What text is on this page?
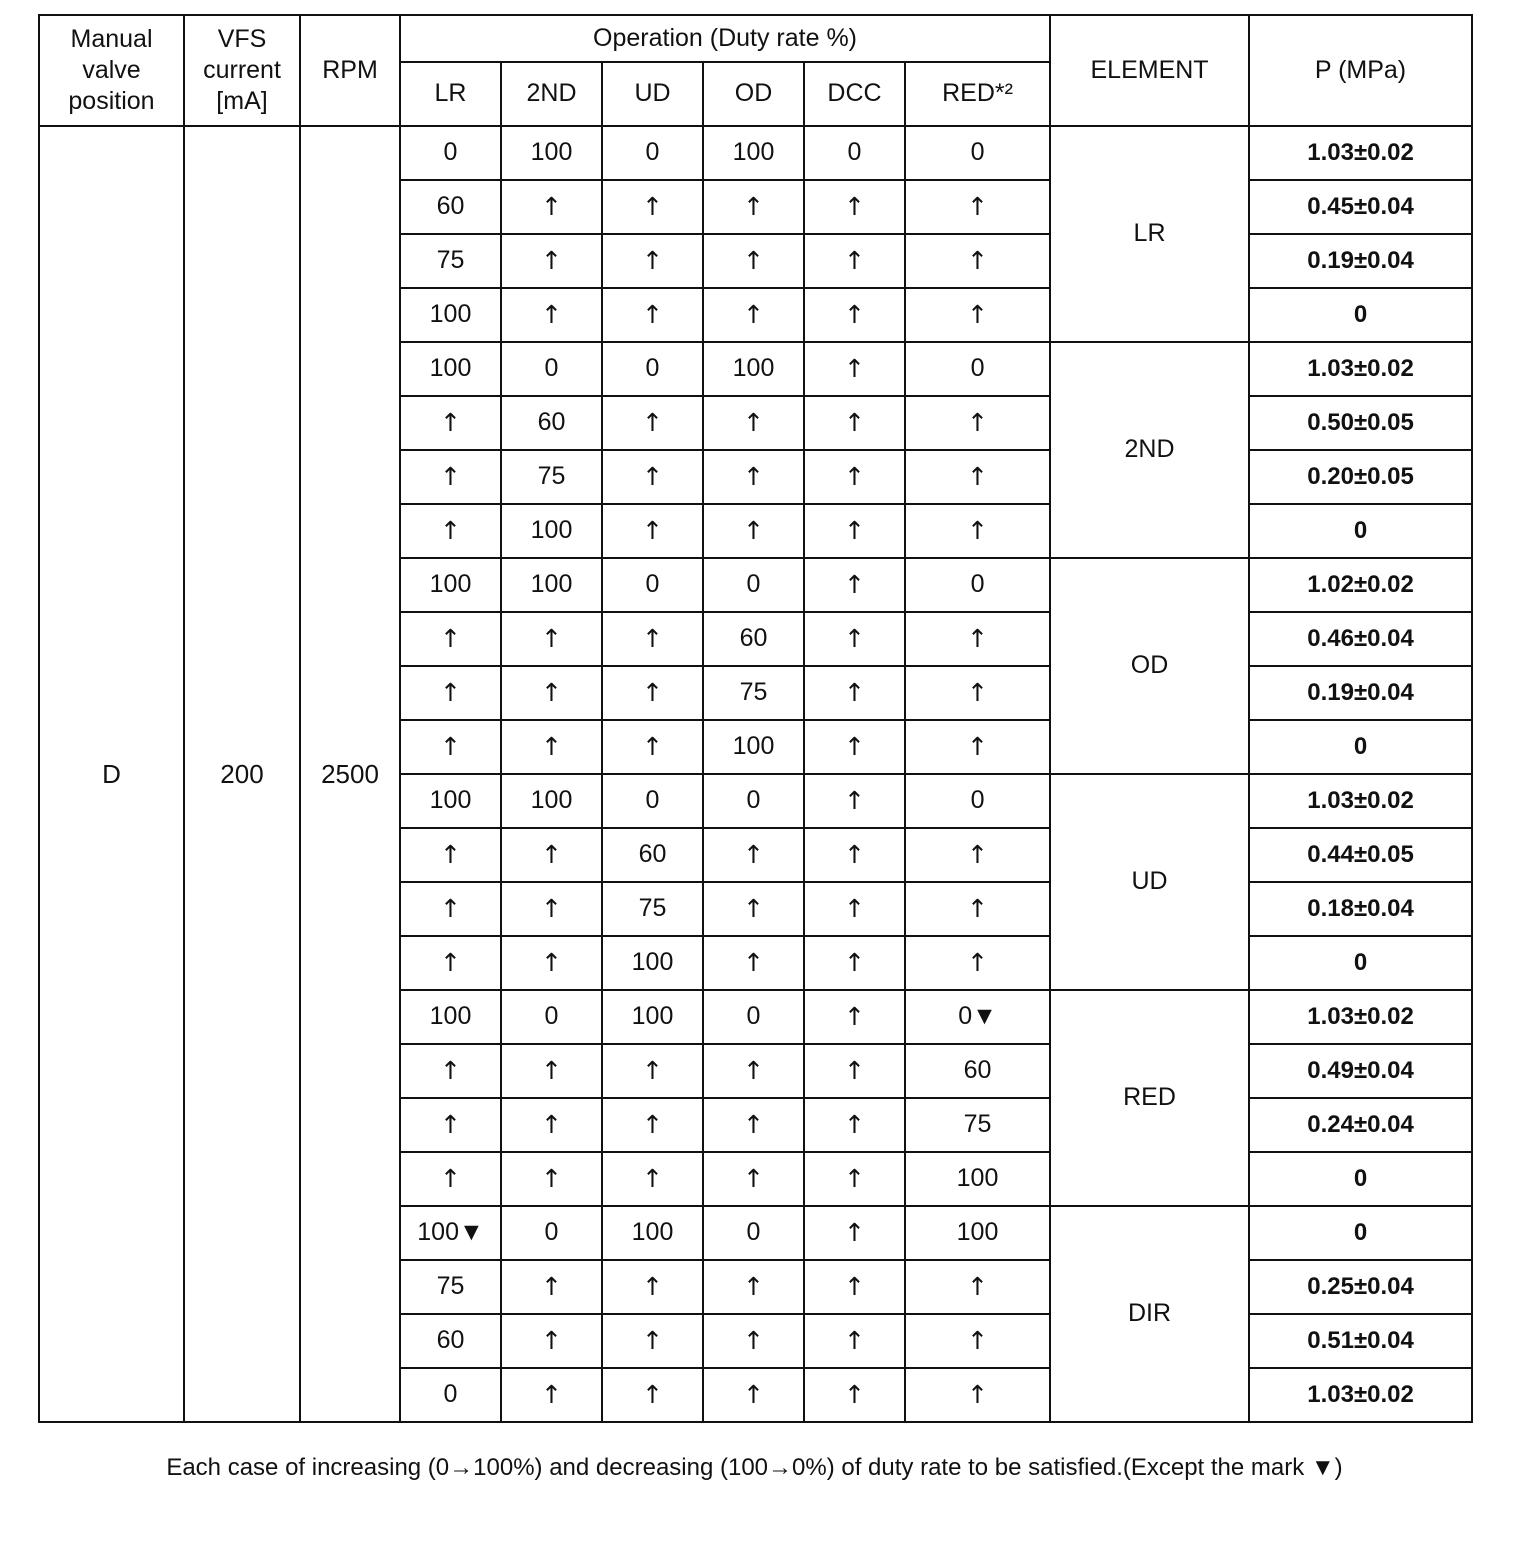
Manual valve position	VFS current [mA]	RPM	Operation (Duty rate %)						ELEMENT	P (MPa)
			LR	2ND	UD	OD	DCC	RED*²		
D	200	2500	0	100	0	100	0	0	LR	1.03±0.02
			60	↑	↑	↑	↑	↑		0.45±0.04
			75	↑	↑	↑	↑	↑		0.19±0.04
			100	↑	↑	↑	↑	↑		0
			100	0	0	100	↑	0	2ND	1.03±0.02
			↑	60	↑	↑	↑	↑		0.50±0.05
			↑	75	↑	↑	↑	↑		0.20±0.05
			↑	100	↑	↑	↑	↑		0
			100	100	0	0	↑	0	OD	1.02±0.02
			↑	↑	↑	60	↑	↑		0.46±0.04
			↑	↑	↑	75	↑	↑		0.19±0.04
			↑	↑	↑	100	↑	↑		0
			100	100	0	0	↑	0	UD	1.03±0.02
			↑	↑	60	↑	↑	↑		0.44±0.05
			↑	↑	75	↑	↑	↑		0.18±0.04
			↑	↑	100	↑	↑	↑		0
			100	0	100	0	↑	0▼	RED	1.03±0.02
			↑	↑	↑	↑	↑	60		0.49±0.04
			↑	↑	↑	↑	↑	75		0.24±0.04
			↑	↑	↑	↑	↑	100		0
			100▼	0	100	0	↑	100	DIR	0
			75	↑	↑	↑	↑	↑		0.25±0.04
			60	↑	↑	↑	↑	↑		0.51±0.04
			0	↑	↑	↑	↑	↑		1.03±0.02
Each case of increasing (0→100%) and decreasing (100→0%) of duty rate to be satisfied.(Except the mark ▼)
